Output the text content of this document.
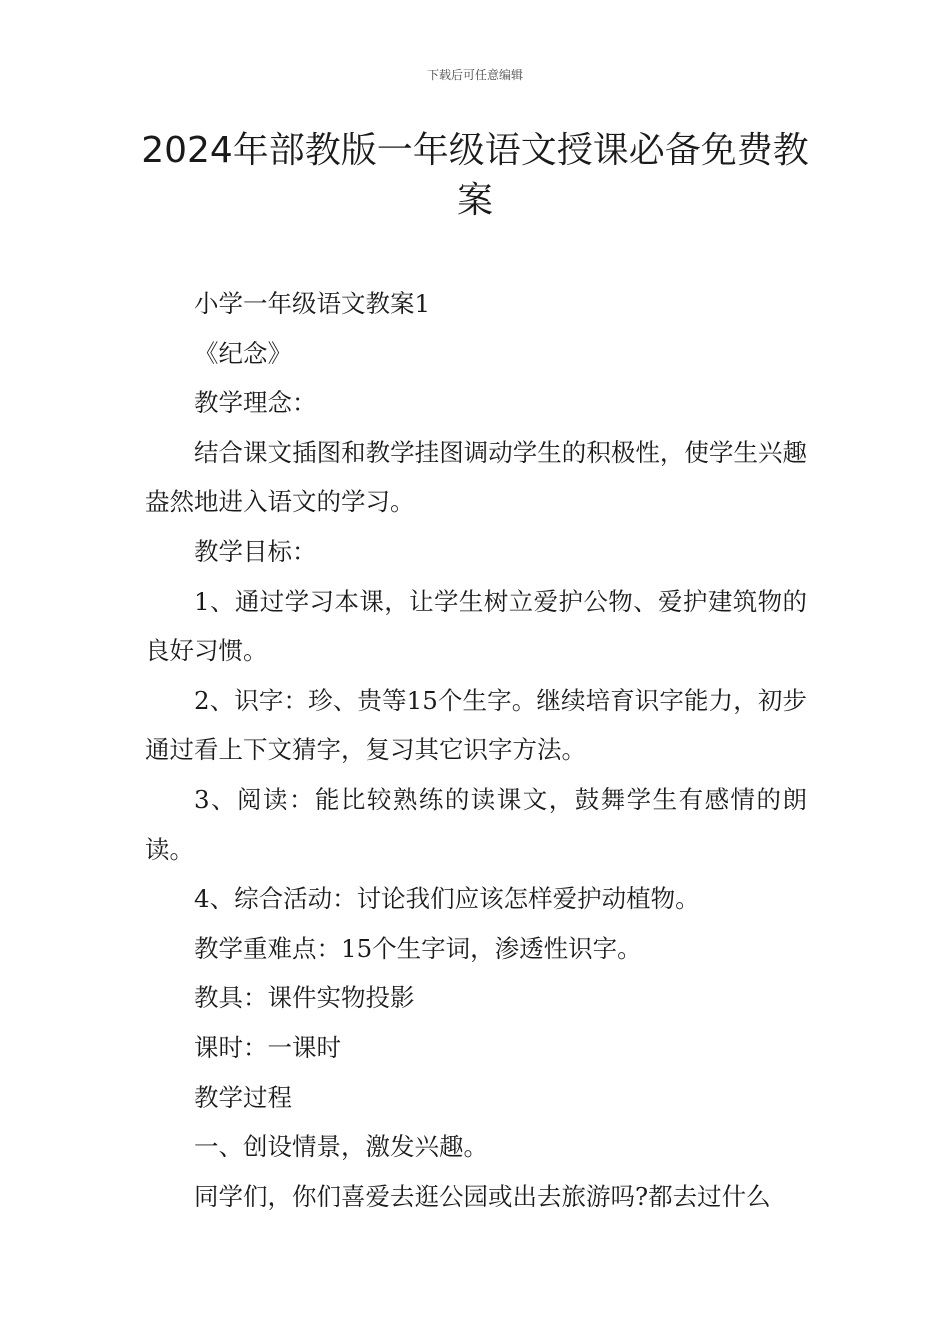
下载后可任意编辑
2024年部教版一年级语文授课必备免费教案

小学一年级语文教案1

《纪念》

教学理念：

结合课文插图和教学挂图调动学生的积极性，使学生兴趣盎然地进入语文的学习。

教学目标：

1、通过学习本课，让学生树立爱护公物、爱护建筑物的良好习惯。

2、识字：珍、贵等15个生字。继续培育识字能力，初步通过看上下文猜字，复习其它识字方法。

3、阅读：能比较熟练的读课文，鼓舞学生有感情的朗读。

4、综合活动：讨论我们应该怎样爱护动植物。

教学重难点：15个生字词，渗透性识字。

教具：课件实物投影

课时：一课时

教学过程

一、创设情景，激发兴趣。

同学们，你们喜爱去逛公园或出去旅游吗?都去过什么
